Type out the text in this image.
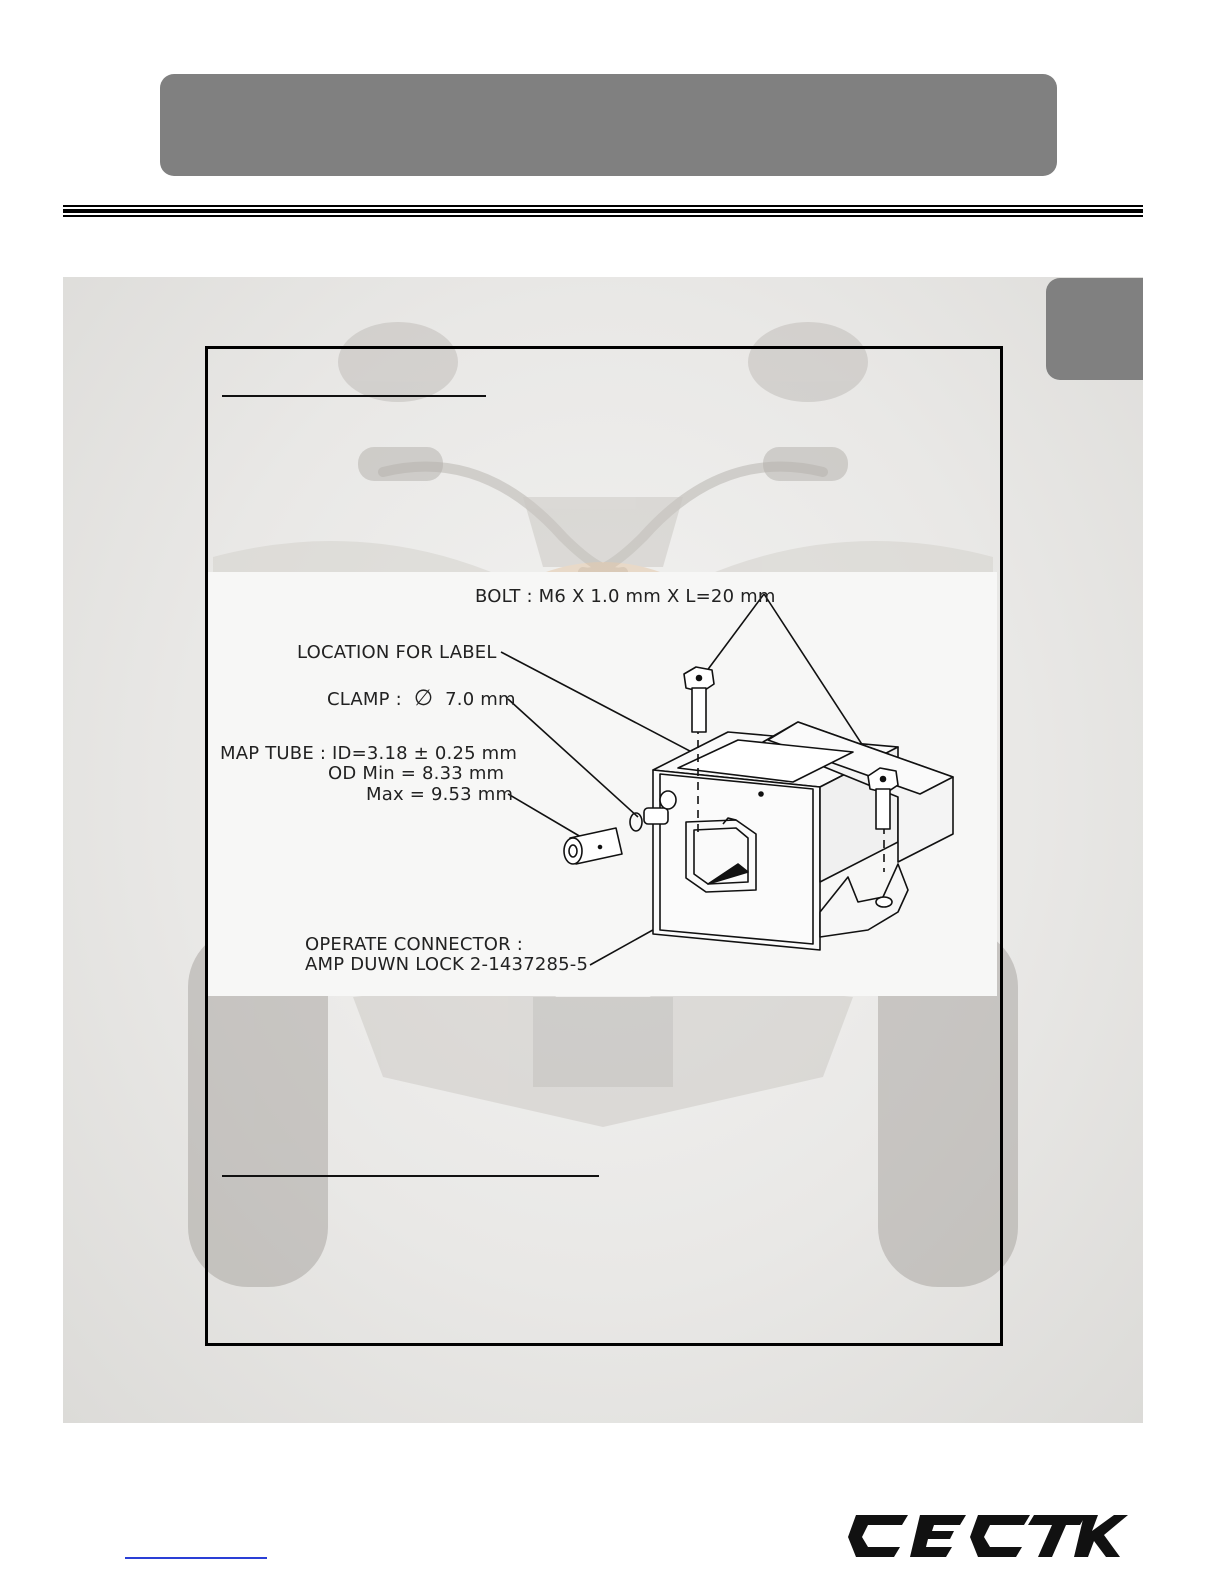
BOLT : M6 X 1.0 mm X L=20 mm
LOCATION FOR LABEL
CLAMP : ∅ 7.0 mm
MAP TUBE : ID=3.18 ± 0.25 mm
OD Min = 8.33 mm
Max = 9.53 mm
OPERATE CONNECTOR :
AMP DUWN LOCK 2-1437285-5
